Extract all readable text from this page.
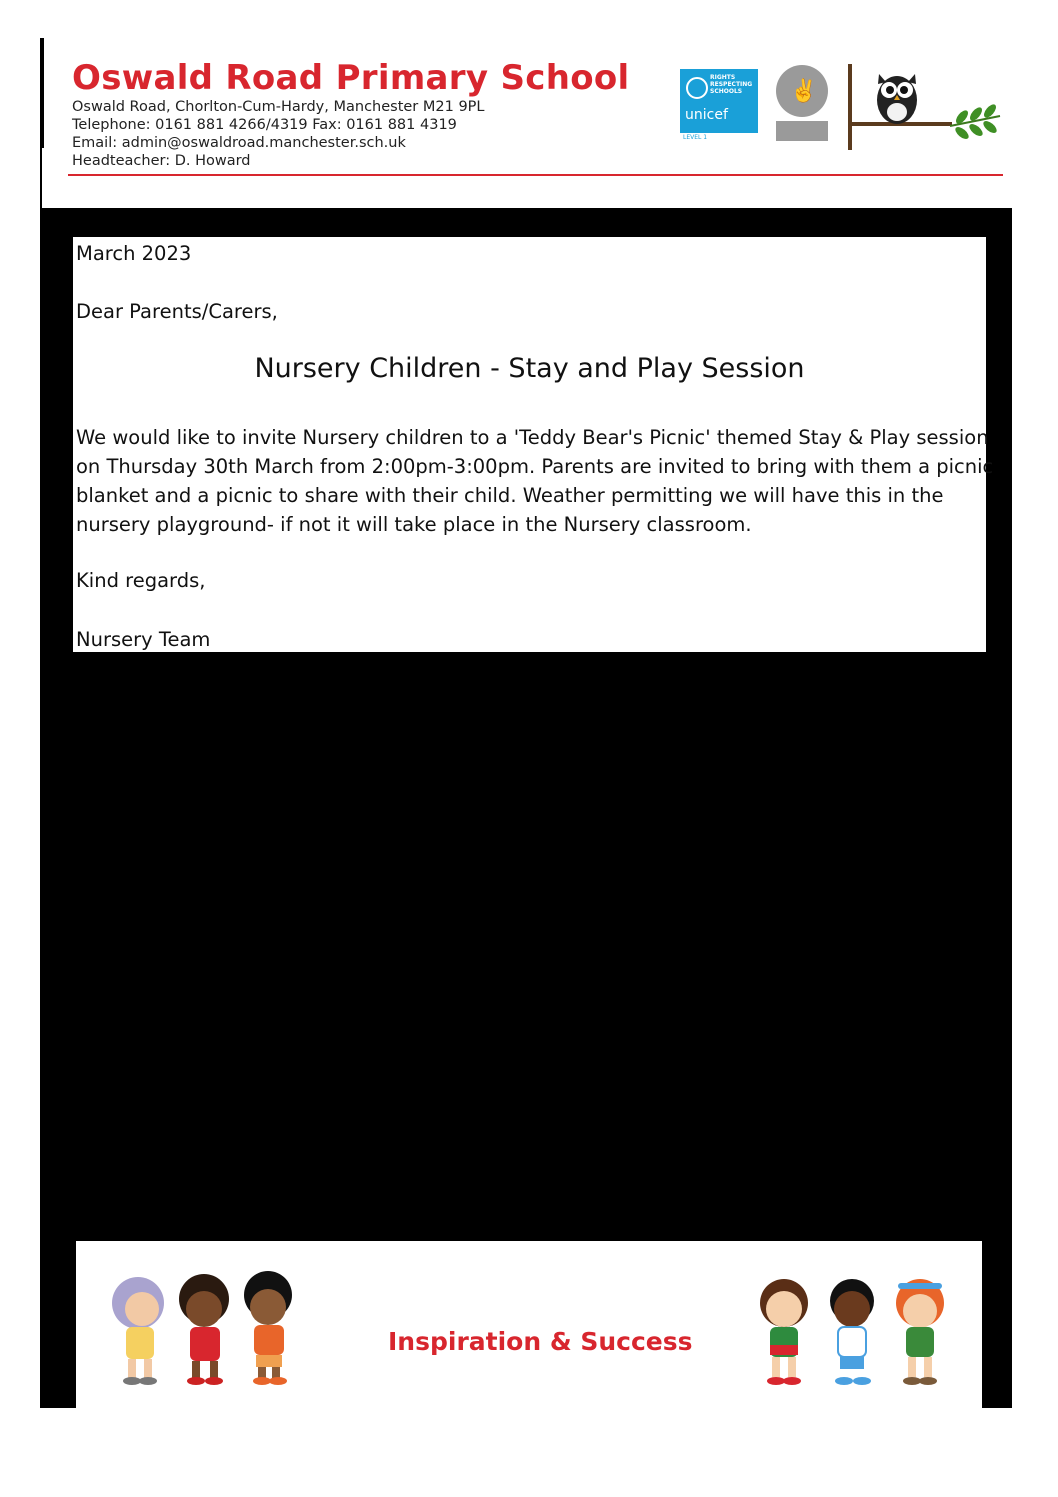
Oswald Road Primary School
Oswald Road, Chorlton-Cum-Hardy, Manchester M21 9PL
Telephone: 0161 881 4266/4319 Fax: 0161 881 4319
Email: admin@oswaldroad.manchester.sch.uk
Headteacher: D. Howard
RIGHTS RESPECTING SCHOOLS
unicef
LEVEL 1
✌
March 2023
Dear Parents/Carers,
Nursery Children - Stay and Play Session
We would like to invite Nursery children to a 'Teddy Bear's Picnic' themed Stay & Play session
on Thursday 30th March from 2:00pm-3:00pm. Parents are invited to bring with them a picnic
blanket and a picnic to share with their child. Weather permitting we will have this in the
nursery playground- if not it will take place in the Nursery classroom.
Kind regards,
Nursery Team
Inspiration & Success
